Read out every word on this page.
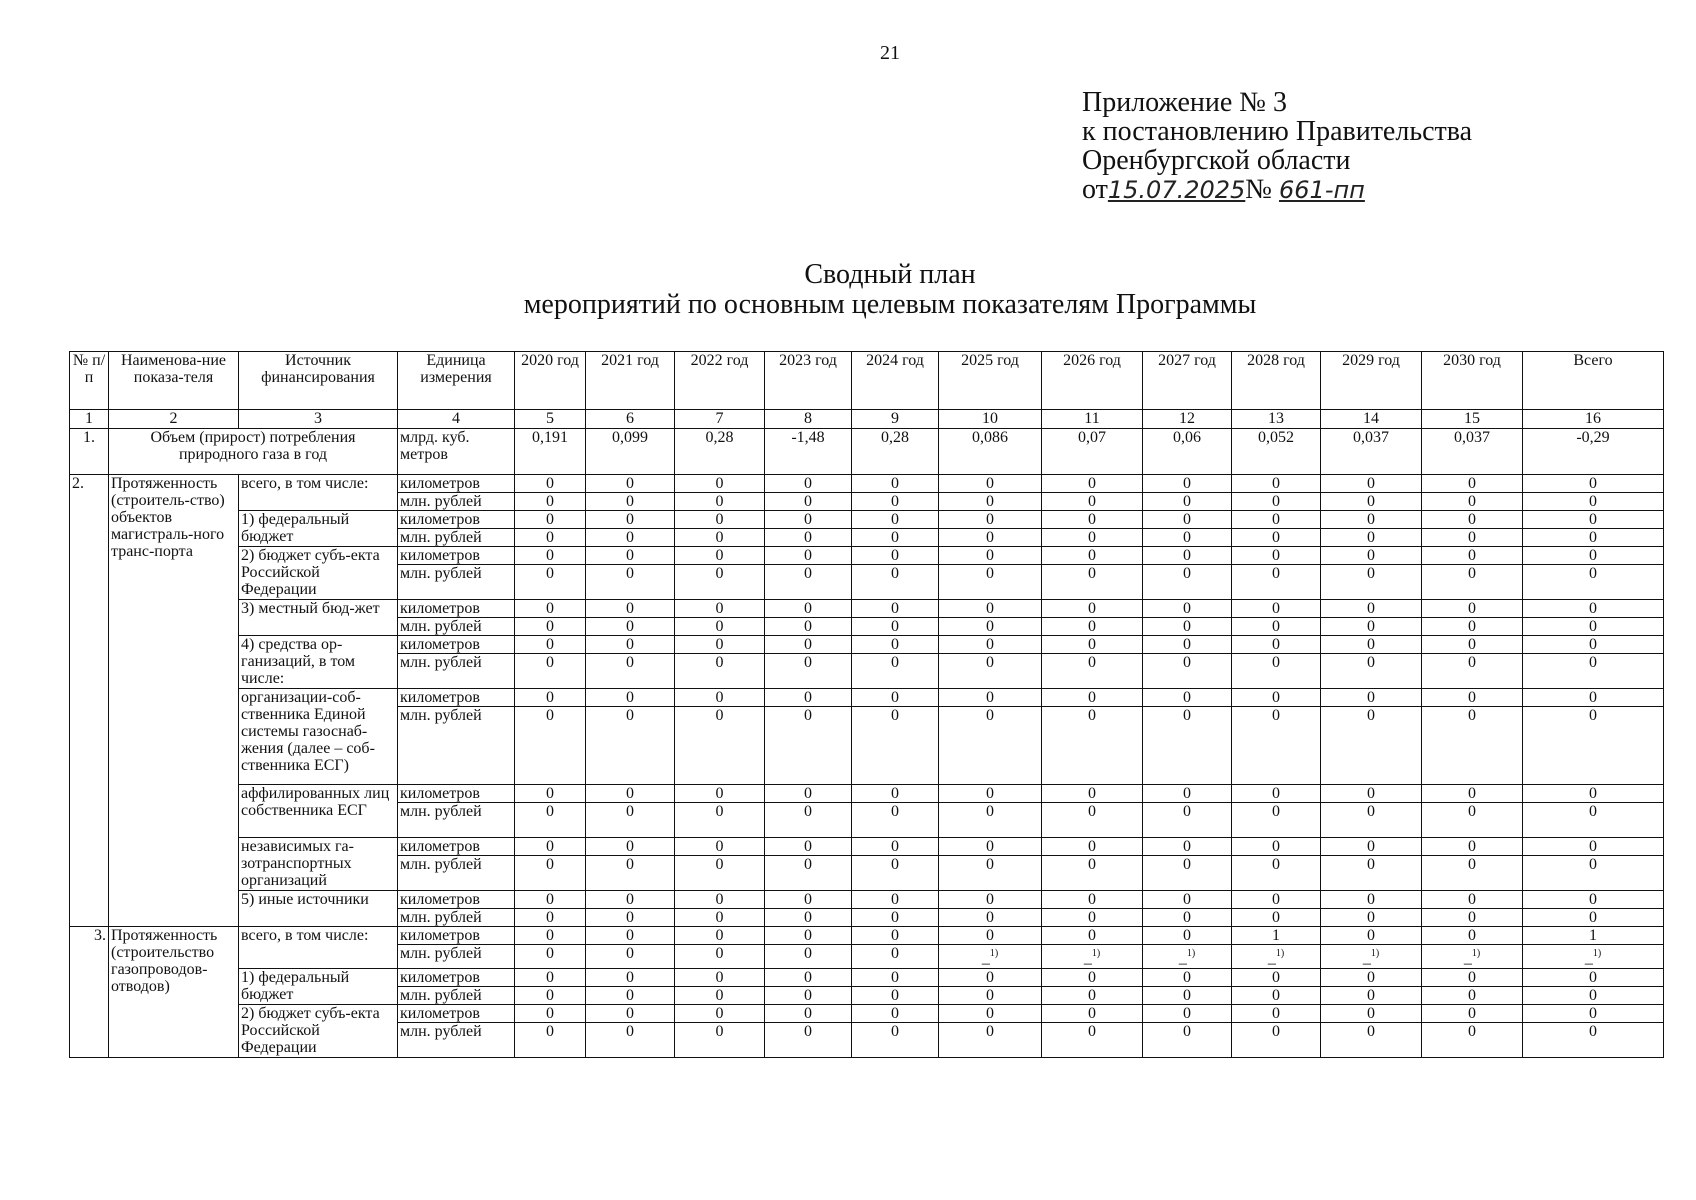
21
Приложение № 3
к постановлению Правительства
Оренбургской области
от15.07.2025№ 661-пп
Сводный план
мероприятий по основным целевым показателям Программы
№ п/п	Наименова-ние показа-теля	Источник финансирования	Единица измерения	2020 год	2021 год	2022 год	2023 год	2024 год	2025 год	2026 год	2027 год	2028 год	2029 год	2030 год	Всего
1	2	3	4	5	6	7	8	9	10	11	12	13	14	15	16
1.	Объем (прирост) потребления природного газа в год		млрд. куб. метров	0,191	0,099	0,28	-1,48	0,28	0,086	0,07	0,06	0,052	0,037	0,037	-0,29
2.	Протяженность (строитель-ство) объектов магистраль-ного транс-порта	всего, в том числе:	километров	0	0	0	0	0	0	0	0	0	0	0	0
			млн. рублей	0	0	0	0	0	0	0	0	0	0	0	0
		1) федеральный бюджет	километров	0	0	0	0	0	0	0	0	0	0	0	0
			млн. рублей	0	0	0	0	0	0	0	0	0	0	0	0
		2) бюджет субъ-екта Российской Федерации	километров	0	0	0	0	0	0	0	0	0	0	0	0
			млн. рублей	0	0	0	0	0	0	0	0	0	0	0	0
		3) местный бюд-жет	километров	0	0	0	0	0	0	0	0	0	0	0	0
			млн. рублей	0	0	0	0	0	0	0	0	0	0	0	0
		4) средства ор-ганизаций, в том числе:	километров	0	0	0	0	0	0	0	0	0	0	0	0
			млн. рублей	0	0	0	0	0	0	0	0	0	0	0	0
		организации-соб-ственника Единой системы газоснаб-жения (далее – соб-ственника ЕСГ)	километров	0	0	0	0	0	0	0	0	0	0	0	0
			млн. рублей	0	0	0	0	0	0	0	0	0	0	0	0
		аффилированных лиц собственника ЕСГ	километров	0	0	0	0	0	0	0	0	0	0	0	0
			млн. рублей	0	0	0	0	0	0	0	0	0	0	0	0
		независимых га-зотранспортных организаций	километров	0	0	0	0	0	0	0	0	0	0	0	0
			млн. рублей	0	0	0	0	0	0	0	0	0	0	0	0
		5) иные источники	километров	0	0	0	0	0	0	0	0	0	0	0	0
			млн. рублей	0	0	0	0	0	0	0	0	0	0	0	0
3.	Протяженность (строительство газопроводов-отводов)	всего, в том числе:	километров	0	0	0	0	0	0	0	0	1	0	0	1
			млн. рублей	0	0	0	0	0	_$^{1)}$	_$^{1)}$	_$^{1)}$	_$^{1)}$	_$^{1)}$	_$^{1)}$	_$^{1)}$
		1) федеральный бюджет	километров	0	0	0	0	0	0	0	0	0	0	0	0
			млн. рублей	0	0	0	0	0	0	0	0	0	0	0	0
		2) бюджет субъ-екта Российской Федерации	километров	0	0	0	0	0	0	0	0	0	0	0	0
			млн. рублей	0	0	0	0	0	0	0	0	0	0	0	0
